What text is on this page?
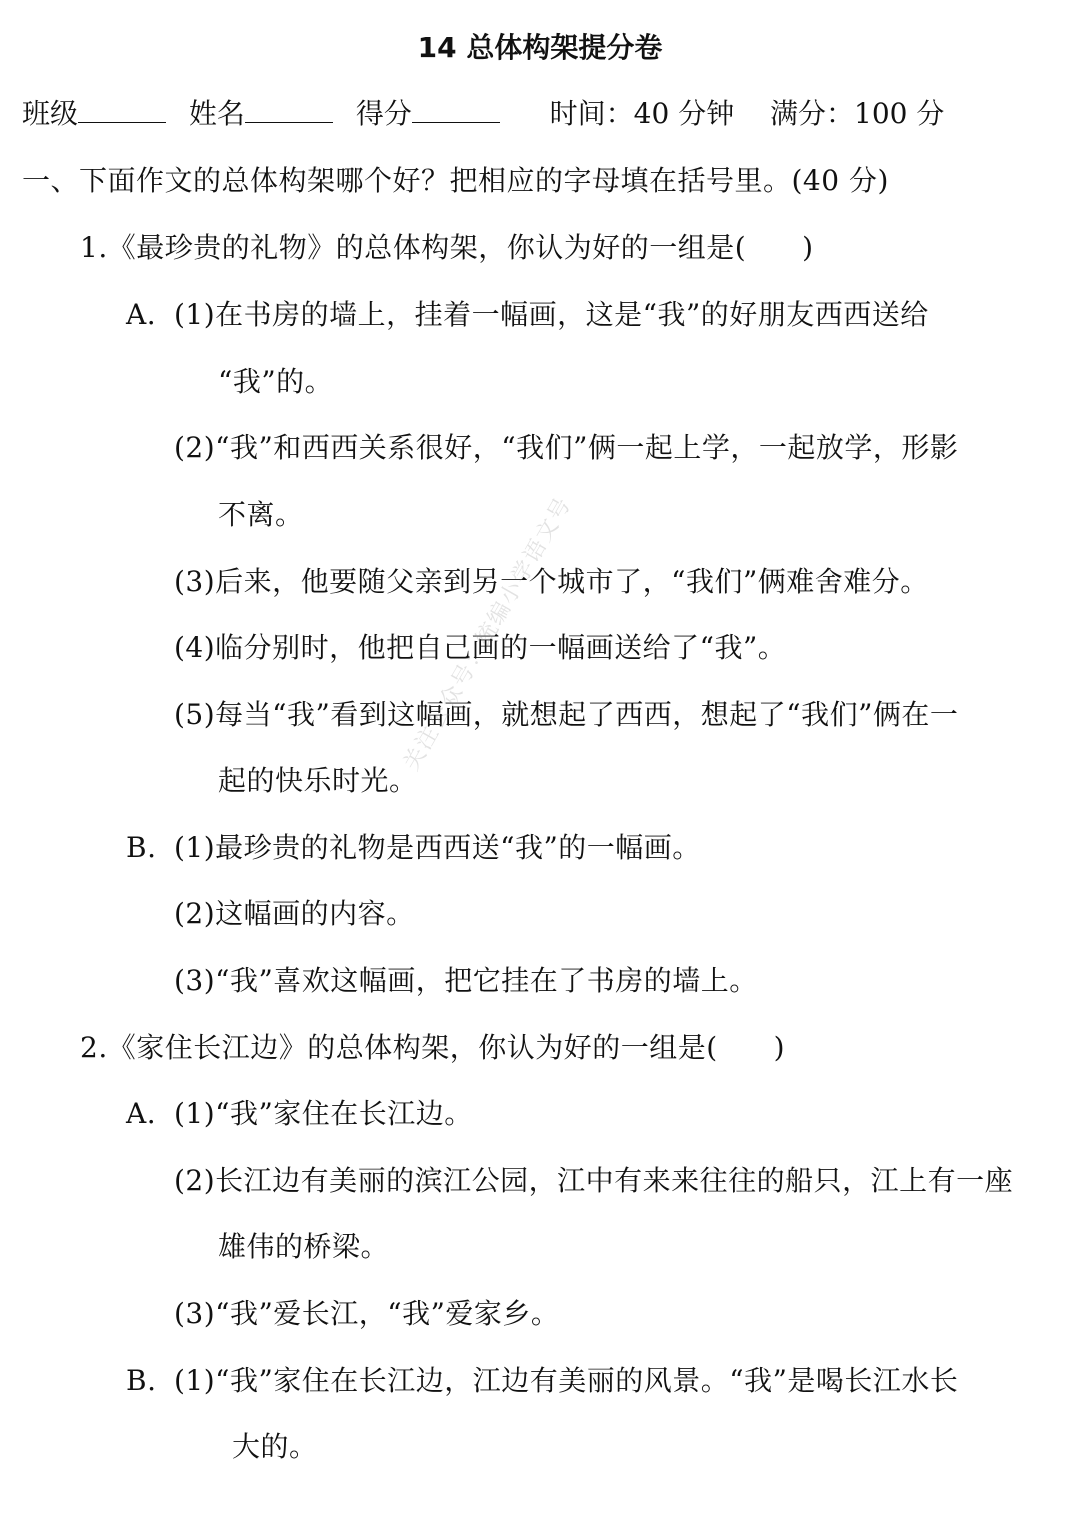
14 总体构架提分卷
班级	姓名	得分	时间：40 分钟 满分：100 分
一、下面作文的总体构架哪个好？把相应的字母填在括号里。(40 分)
1.《最珍贵的礼物》的总体构架，你认为好的一组是( )
A. (1)在书房的墙上，挂着一幅画，这是“我”的好朋友西西送给
“我”的。
(2)“我”和西西关系很好，“我们”俩一起上学，一起放学，形影
不离。
(3)后来，他要随父亲到另一个城市了，“我们”俩难舍难分。
(4)临分别时，他把自己画的一幅画送给了“我”。
(5)每当“我”看到这幅画，就想起了西西，想起了“我们”俩在一
起的快乐时光。
B. (1)最珍贵的礼物是西西送“我”的一幅画。
(2)这幅画的内容。
(3)“我”喜欢这幅画，把它挂在了书房的墙上。
2.《家住长江边》的总体构架，你认为好的一组是( )
A. (1)“我”家住在长江边。
(2)长江边有美丽的滨江公园，江中有来来往往的船只，江上有一座
雄伟的桥梁。
(3)“我”爱长江，“我”爱家乡。
B. (1)“我”家住在长江边，江边有美丽的风景。“我”是喝长江水长
大的。
关注公众号：统编小学语文号
